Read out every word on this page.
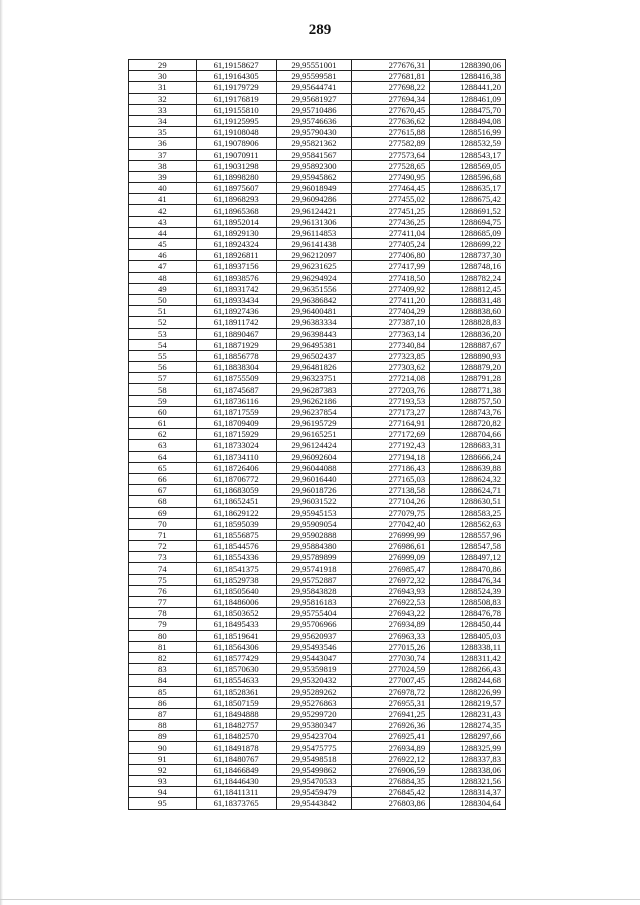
289
29	61,19158627	29,95551001	277676,31	1288390,06
30	61,19164305	29,95599581	277681,81	1288416,38
31	61,19179729	29,95644741	277698,22	1288441,20
32	61,19176819	29,95681927	277694,34	1288461,09
33	61,19155810	29,95710486	277670,45	1288475,70
34	61,19125995	29,95746636	277636,62	1288494,08
35	61,19108048	29,95790430	277615,88	1288516,99
36	61,19078906	29,95821362	277582,89	1288532,59
37	61,19070911	29,95841567	277573,64	1288543,17
38	61,19031298	29,95892300	277528,65	1288569,05
39	61,18998280	29,95945862	277490,95	1288596,68
40	61,18975607	29,96018949	277464,45	1288635,17
41	61,18968293	29,96094286	277455,02	1288675,42
42	61,18965368	29,96124421	277451,25	1288691,52
43	61,18952014	29,96131306	277436,25	1288694,75
44	61,18929130	29,96114853	277411,04	1288685,09
45	61,18924324	29,96141438	277405,24	1288699,22
46	61,18926811	29,96212097	277406,80	1288737,30
47	61,18937156	29,96231625	277417,99	1288748,16
48	61,18938576	29,96294924	277418,50	1288782,24
49	61,18931742	29,96351556	277409,92	1288812,45
50	61,18933434	29,96386842	277411,20	1288831,48
51	61,18927436	29,96400481	277404,29	1288838,60
52	61,18911742	29,96383334	277387,10	1288828,83
53	61,18890467	29,96398443	277363,14	1288836,20
54	61,18871929	29,96495381	277340,84	1288887,67
55	61,18856778	29,96502437	277323,85	1288890,93
56	61,18838304	29,96481826	277303,62	1288879,20
57	61,18755509	29,96323751	277214,08	1288791,28
58	61,18745687	29,96287383	277203,76	1288771,38
59	61,18736116	29,96262186	277193,53	1288757,50
60	61,18717559	29,96237854	277173,27	1288743,76
61	61,18709409	29,96195729	277164,91	1288720,82
62	61,18715929	29,96165251	277172,69	1288704,66
63	61,18733024	29,96124424	277192,43	1288683,31
64	61,18734110	29,96092604	277194,18	1288666,24
65	61,18726406	29,96044088	277186,43	1288639,88
66	61,18706772	29,96016440	277165,03	1288624,32
67	61,18683059	29,96018726	277138,58	1288624,71
68	61,18652451	29,96031522	277104,26	1288630,51
69	61,18629122	29,95945153	277079,75	1288583,25
70	61,18595039	29,95909054	277042,40	1288562,63
71	61,18556875	29,95902888	276999,99	1288557,96
72	61,18544576	29,95884380	276986,61	1288547,58
73	61,18554336	29,95789899	276999,09	1288497,12
74	61,18541375	29,95741918	276985,47	1288470,86
75	61,18529738	29,95752887	276972,32	1288476,34
76	61,18505640	29,95843828	276943,93	1288524,39
77	61,18486006	29,95816183	276922,53	1288508,83
78	61,18503652	29,95755404	276943,22	1288476,78
79	61,18495433	29,95706966	276934,89	1288450,44
80	61,18519641	29,95620937	276963,33	1288405,03
81	61,18564306	29,95493546	277015,26	1288338,11
82	61,18577429	29,95443047	277030,74	1288311,42
83	61,18570630	29,95359819	277024,59	1288266,43
84	61,18554633	29,95320432	277007,45	1288244,68
85	61,18528361	29,95289262	276978,72	1288226,99
86	61,18507159	29,95276863	276955,31	1288219,57
87	61,18494888	29,95299720	276941,25	1288231,43
88	61,18482757	29,95380347	276926,36	1288274,35
89	61,18482570	29,95423704	276925,41	1288297,66
90	61,18491878	29,95475775	276934,89	1288325,99
91	61,18480767	29,95498518	276922,12	1288337,83
92	61,18466849	29,95499862	276906,59	1288338,06
93	61,18446430	29,95470533	276884,35	1288321,56
94	61,18411311	29,95459479	276845,42	1288314,37
95	61,18373765	29,95443842	276803,86	1288304,64
